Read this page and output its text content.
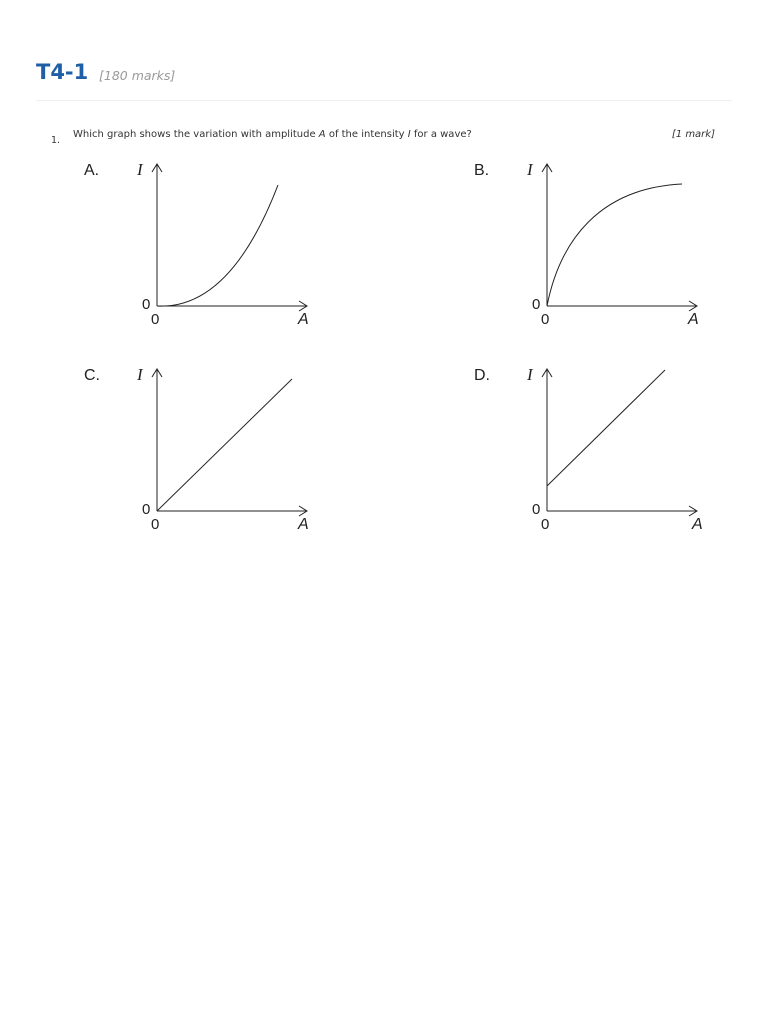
T4-1 [180 marks]
1.
Which graph shows the variation with amplitude A of the intensity I for a wave?	[1 mark]
A. I
0
0	A
B. I
0
0	A
C. I
0
0	A
D. I
0
0	A
